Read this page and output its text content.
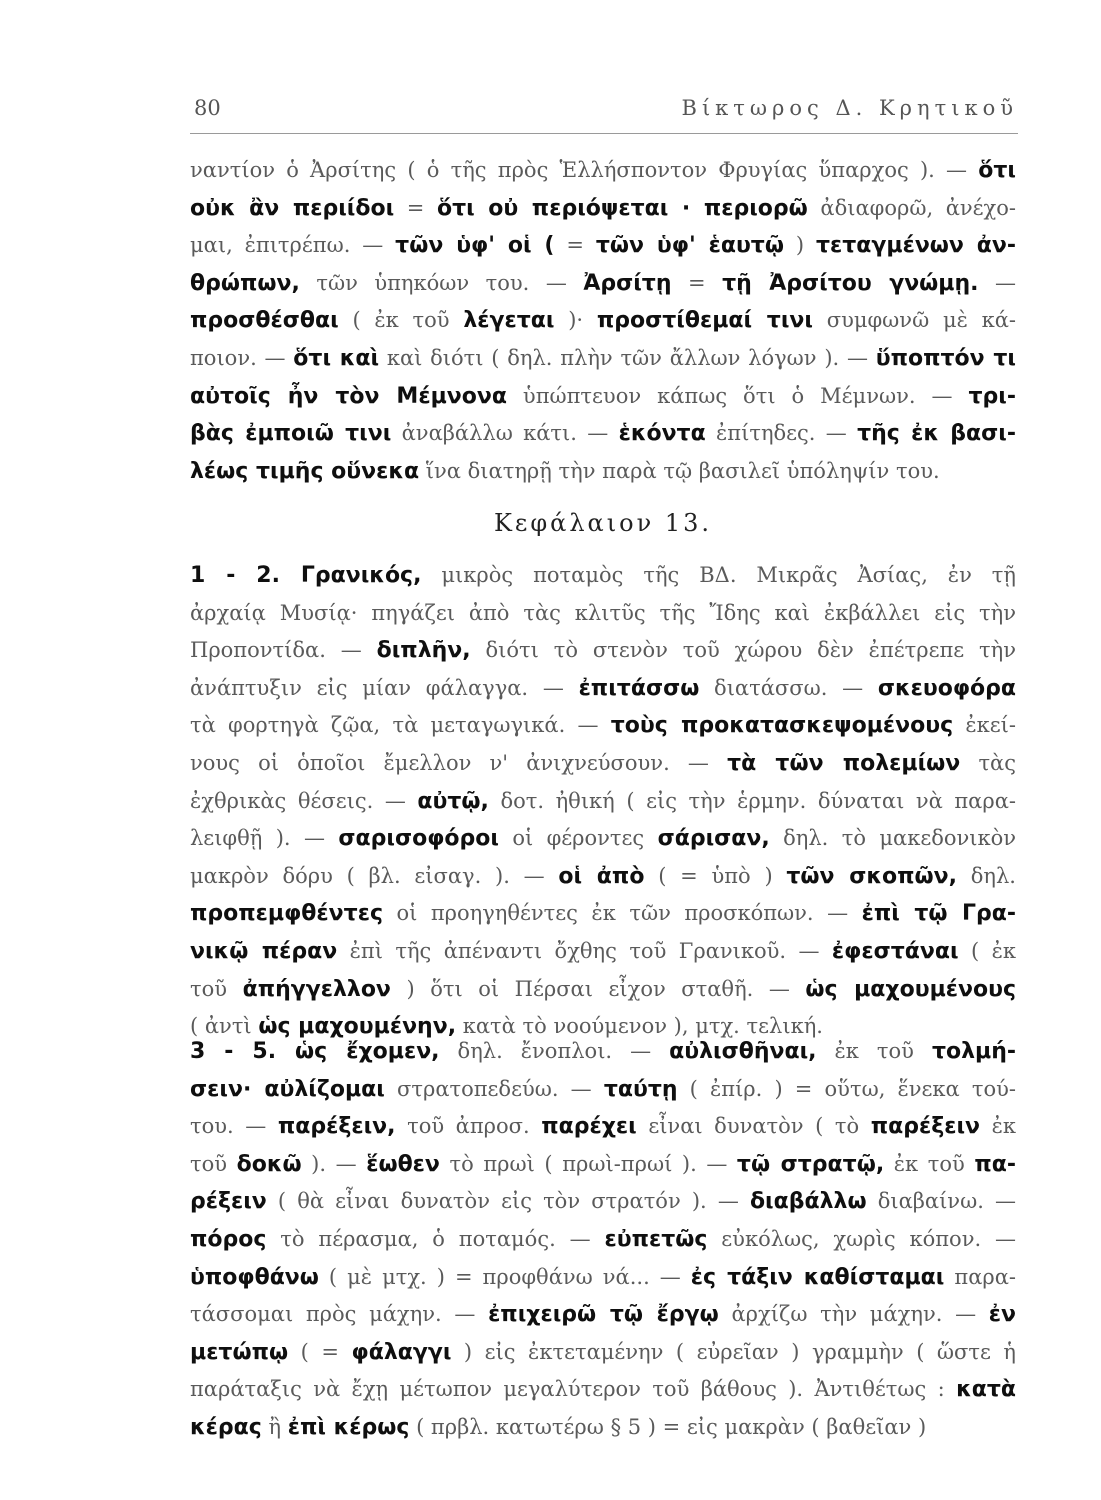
80	Βίκτωρος Δ. Κρητικοῦ
ναντίον ὁ Ἀρσίτης ( ὁ τῆς πρὸς Ἑλλήσποντον Φρυγίας ὕπαρχος ). — ὅτι
οὐκ ἂν περιίδοι = ὅτι οὐ περιόψεται · περιορῶ ἀδιαφορῶ, ἀνέχο-
μαι, ἐπιτρέπω. — τῶν ὑφ' οἱ ( = τῶν ὑφ' ἑαυτῷ ) τεταγμένων ἀν-
θρώπων, τῶν ὑπηκόων του. — Ἀρσίτῃ = τῇ Ἀρσίτου γνώμῃ. —
προσθέσθαι ( ἐκ τοῦ λέγεται )· προστίθεμαί τινι συμφωνῶ μὲ κά-
ποιον. — ὅτι καὶ καὶ διότι ( δηλ. πλὴν τῶν ἄλλων λόγων ). — ὕποπτόν τι
αὐτοῖς ἦν τὸν Μέμνονα ὑπώπτευον κάπως ὅτι ὁ Μέμνων. — τρι-
βὰς ἐμποιῶ τινι ἀναβάλλω κάτι. — ἑκόντα ἐπίτηδες. — τῆς ἐκ βασι-
λέως τιμῆς οὕνεκα ἵνα διατηρῇ τὴν παρὰ τῷ βασιλεῖ ὑπόληψίν του.
Κεφάλαιον 13.
1 - 2. Γρανικός, μικρὸς ποταμὸς τῆς ΒΔ. Μικρᾶς Ἀσίας, ἐν τῇ
ἀρχαίᾳ Μυσίᾳ· πηγάζει ἀπὸ τὰς κλιτῦς τῆς Ἴδης καὶ ἐκβάλλει εἰς τὴν
Προποντίδα. — διπλῆν, διότι τὸ στενὸν τοῦ χώρου δὲν ἐπέτρεπε τὴν
ἀνάπτυξιν εἰς μίαν φάλαγγα. — ἐπιτάσσω διατάσσω. — σκευοφόρα
τὰ φορτηγὰ ζῷα, τὰ μεταγωγικά. — τοὺς προκατασκεψομένους ἐκεί-
νους οἱ ὁποῖοι ἔμελλον ν' ἀνιχνεύσουν. — τὰ τῶν πολεμίων τὰς
ἐχθρικὰς θέσεις. — αὐτῷ, δοτ. ἠθική ( εἰς τὴν ἑρμην. δύναται νὰ παρα-
λειφθῇ ). — σαρισοφόροι οἱ φέροντες σάρισαν, δηλ. τὸ μακεδονικὸν
μακρὸν δόρυ ( βλ. εἰσαγ. ). — οἱ ἀπὸ ( = ὑπὸ ) τῶν σκοπῶν, δηλ.
προπεμφθέντες οἱ προηγηθέντες ἐκ τῶν προσκόπων. — ἐπὶ τῷ Γρα-
νικῷ πέραν ἐπὶ τῆς ἀπέναντι ὄχθης τοῦ Γρανικοῦ. — ἐφεστάναι ( ἐκ
τοῦ ἀπήγγελλον ) ὅτι οἱ Πέρσαι εἶχον σταθῆ. — ὡς μαχουμένους
( ἀντὶ ὡς μαχουμένην, κατὰ τὸ νοούμενον ), μτχ. τελική.
3 - 5. ὡς ἔχομεν, δηλ. ἔνοπλοι. — αὐλισθῆναι, ἐκ τοῦ τολμή-
σειν· αὐλίζομαι στρατοπεδεύω. — ταύτῃ ( ἐπίρ. ) = οὕτω, ἕνεκα τού-
του. — παρέξειν, τοῦ ἀπροσ. παρέχει εἶναι δυνατὸν ( τὸ παρέξειν ἐκ
τοῦ δοκῶ ). — ἕωθεν τὸ πρωὶ ( πρωὶ-πρωί ). — τῷ στρατῷ, ἐκ τοῦ πα-
ρέξειν ( θὰ εἶναι δυνατὸν εἰς τὸν στρατόν ). — διαβάλλω διαβαίνω. —
πόρος τὸ πέρασμα, ὁ ποταμός. — εὐπετῶς εὐκόλως, χωρὶς κόπον. —
ὑποφθάνω ( μὲ μτχ. ) = προφθάνω νά... — ἐς τάξιν καθίσταμαι παρα-
τάσσομαι πρὸς μάχην. — ἐπιχειρῶ τῷ ἔργῳ ἀρχίζω τὴν μάχην. — ἐν
μετώπῳ ( = φάλαγγι ) εἰς ἐκτεταμένην ( εὐρεῖαν ) γραμμὴν ( ὥστε ἡ
παράταξις νὰ ἔχῃ μέτωπον μεγαλύτερον τοῦ βάθους ). Ἀντιθέτως : κατὰ
κέρας ἢ ἐπὶ κέρως ( πρβλ. κατωτέρω § 5 ) = εἰς μακρὰν ( βαθεῖαν )
